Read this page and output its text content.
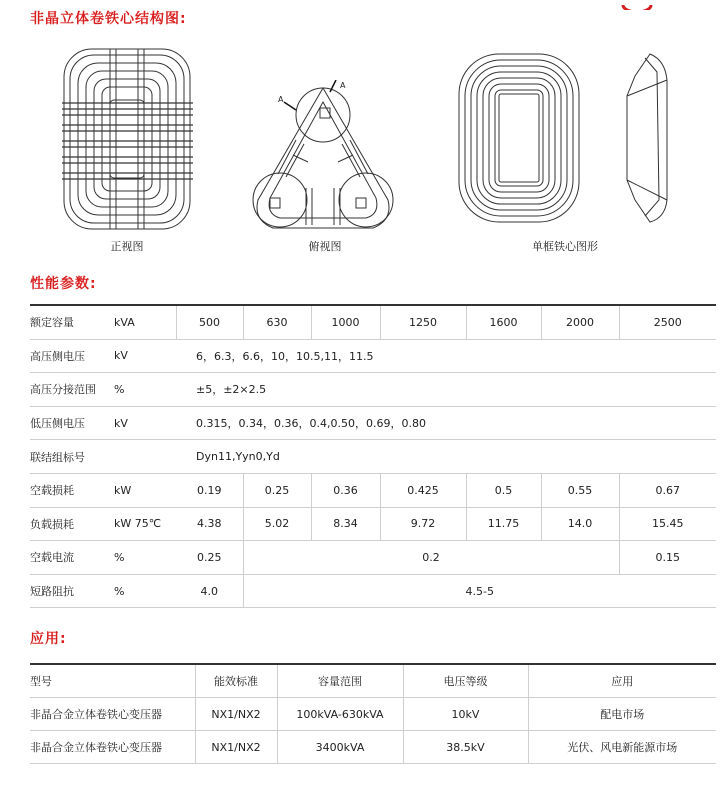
非晶立体卷铁心结构图:
正视图
A
A
俯视图	单框铁心图形
性能参数:
额定容量	kVA	500	630	1000	1250	1600	2000	2500
高压侧电压	kV	6，6.3，6.6，10，10.5,11，11.5						
高压分接范围	%	±5，±2×2.5						
低压侧电压	kV	0.315，0.34，0.36，0.4,0.50，0.69，0.80						
联结组标号		Dyn11,Yyn0,Yd						
空载损耗	kW	0.19	0.25	0.36	0.425	0.5	0.55	0.67
负载损耗	kW 75℃	4.38	5.02	8.34	9.72	11.75	14.0	15.45
空载电流	%	0.25	0.2					0.15
短路阻抗	%	4.0	4.5-5					
应用:
型号	能效标准	容量范围	电压等级	应用
非晶合金立体卷铁心变压器	NX1/NX2	100kVA-630kVA	10kV	配电市场
非晶合金立体卷铁心变压器	NX1/NX2	3400kVA	38.5kV	光伏、风电新能源市场
